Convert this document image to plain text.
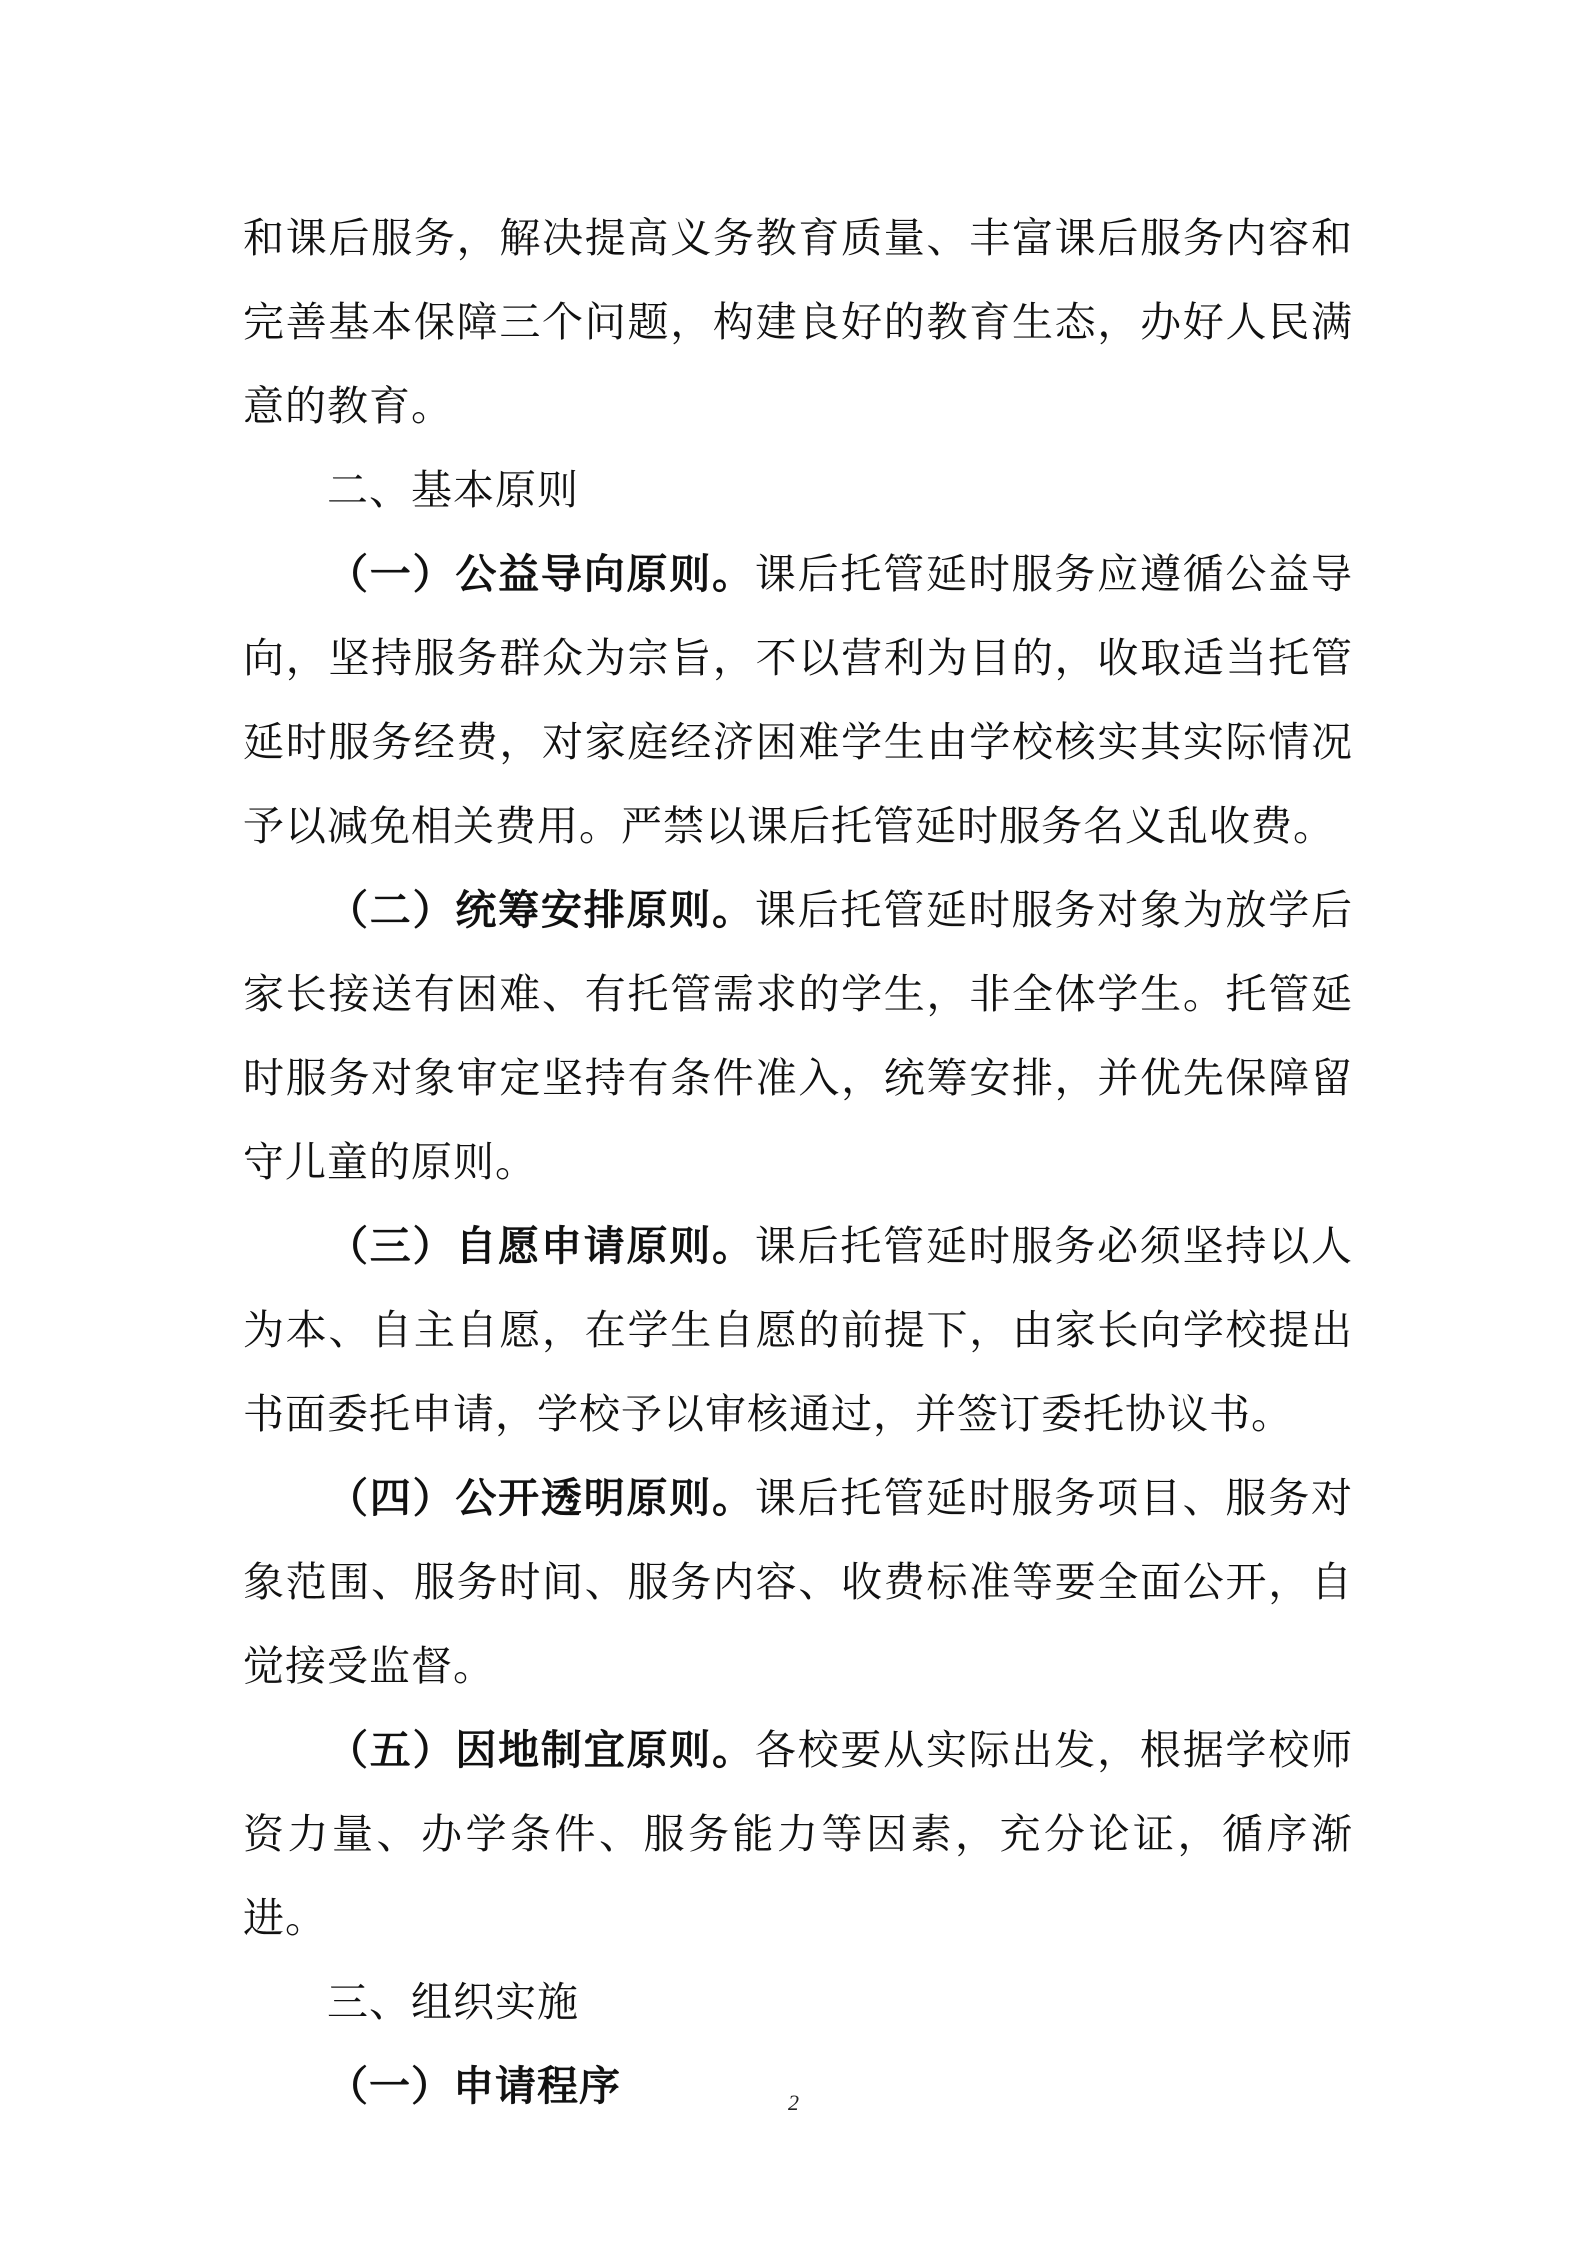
和课后服务，解决提高义务教育质量、丰富课后服务内容和完善基本保障三个问题，构建良好的教育生态，办好人民满意的教育。

二、基本原则

（一）公益导向原则。课后托管延时服务应遵循公益导向，坚持服务群众为宗旨，不以营利为目的，收取适当托管延时服务经费，对家庭经济困难学生由学校核实其实际情况予以减免相关费用。严禁以课后托管延时服务名义乱收费。

（二）统筹安排原则。课后托管延时服务对象为放学后家长接送有困难、有托管需求的学生，非全体学生。托管延时服务对象审定坚持有条件准入，统筹安排，并优先保障留守儿童的原则。

（三）自愿申请原则。课后托管延时服务必须坚持以人为本、自主自愿，在学生自愿的前提下，由家长向学校提出书面委托申请，学校予以审核通过，并签订委托协议书。

（四）公开透明原则。课后托管延时服务项目、服务对象范围、服务时间、服务内容、收费标准等要全面公开，自觉接受监督。

（五）因地制宜原则。各校要从实际出发，根据学校师资力量、办学条件、服务能力等因素，充分论证，循序渐进。

三、组织实施

（一）申请程序	2
